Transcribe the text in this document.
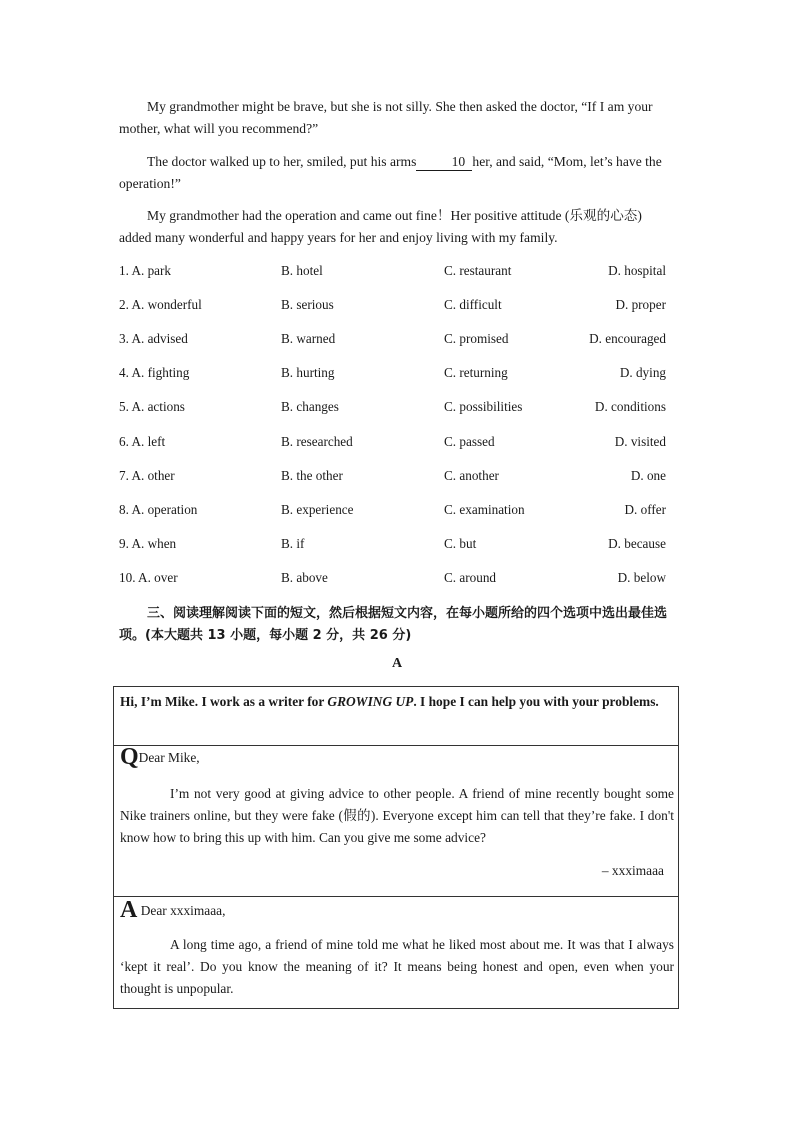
My grandmother might be brave, but she is not silly. She then asked the doctor, “If I am your mother, what will you recommend?”

The doctor walked up to her, smiled, put his arms	10 her, and said, “Mom, let’s have the operation!”

My grandmother had the operation and came out fine！Her positive attitude (乐观的心态) added many wonderful and happy years for her and enjoy living with my family.

1. A. park	B. hotel	C. restaurant	D. hospital
2. A. wonderful	B. serious	C. difficult	D. proper
3. A. advised	B. warned	C. promised	D. encouraged
4. A. fighting	B. hurting	C. returning	D. dying
5. A. actions	B. changes	C. possibilities	D. conditions
6. A. left	B. researched	C. passed	D. visited
7. A. other	B. the other	C. another	D. one
8. A. operation	B. experience	C. examination	D. offer
9. A. when	B. if	C. but	D. because
10. A. over	B. above	C. around	D. below

三、阅读理解阅读下面的短文，然后根据短文内容，在每小题所给的四个选项中选出最佳选项。(本大题共 13 小题，每小题 2 分，共 26 分)

A
Hi, I’m Mike. I work as a writer for GROWING UP. I hope I can help you with your problems.
QDear Mike,

I’m not very good at giving advice to other people. A friend of mine recently bought some Nike trainers online, but they were fake (假的). Everyone except him can tell that they’re fake. I don't know how to bring this up with him. Can you give me some advice?

– xxximaaa
A Dear xxximaaa,

A long time ago, a friend of mine told me what he liked most about me. It was that I always ‘kept it real’. Do you know the meaning of it? It means being honest and open, even when your thought is unpopular.
